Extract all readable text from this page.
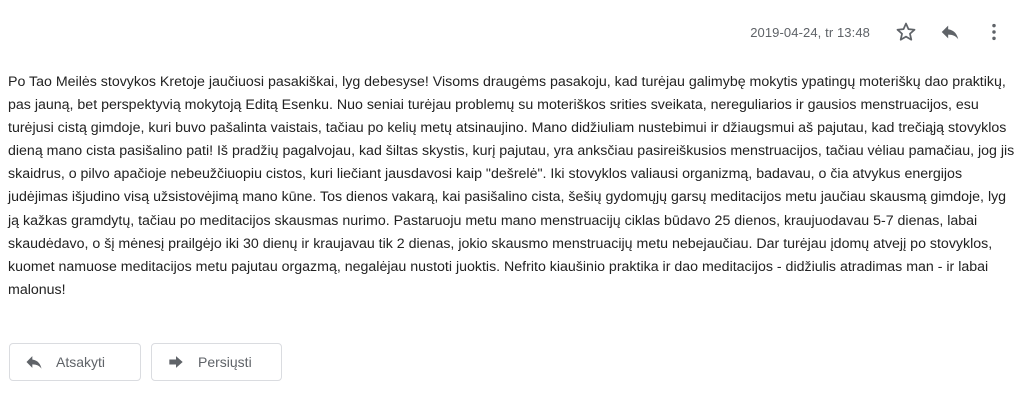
2019-04-24, tr 13:48

Po Tao Meilės stovykos Kretoje jaučiuosi pasakiškai, lyg debesyse! Visoms draugėms pasakoju, kad turėjau galimybę mokytis ypatingų moteriškų dao praktikų, pas jauną, bet perspektyvią mokytoją Editą Esenku. Nuo seniai turėjau problemų su moteriškos srities sveikata, nereguliarios ir gausios menstruacijos, esu turėjusi cistą gimdoje, kuri buvo pašalinta vaistais, tačiau po kelių metų atsinaujino. Mano didžiuliam nustebimui ir džiaugsmui aš pajutau, kad trečiąją stovyklos dieną mano cista pasišalino pati! Iš pradžių pagalvojau, kad šiltas skystis, kurį pajutau, yra anksčiau pasireiškusios menstruacijos, tačiau vėliau pamačiau, jog jis skaidrus, o pilvo apačioje nebeužčiuopiu cistos, kuri liečiant jausdavosi kaip "dešrelė". Iki stovyklos valiausi organizmą, badavau, o čia atvykus energijos judėjimas išjudino visą užsistovėjimą mano kūne. Tos dienos vakarą, kai pasišalino cista, šešių gydomųjų garsų meditacijos metu jaučiau skausmą gimdoje, lyg ją kažkas gramdytų, tačiau po meditacijos skausmas nurimo. Pastaruoju metu mano menstruacijų ciklas būdavo 25 dienos, kraujuodavau 5-7 dienas, labai skaudėdavo, o šį mėnesį prailgėjo iki 30 dienų ir kraujavau tik 2 dienas, jokio skausmo menstruacijų metu nebejaučiau. Dar turėjau įdomų atvejį po stovyklos, kuomet namuose meditacijos metu pajutau orgazmą, negalėjau nustoti juoktis. Nefrito kiaušinio praktika ir dao meditacijos - didžiulis atradimas man - ir labai malonus!

Atsakyti	Persiųsti
